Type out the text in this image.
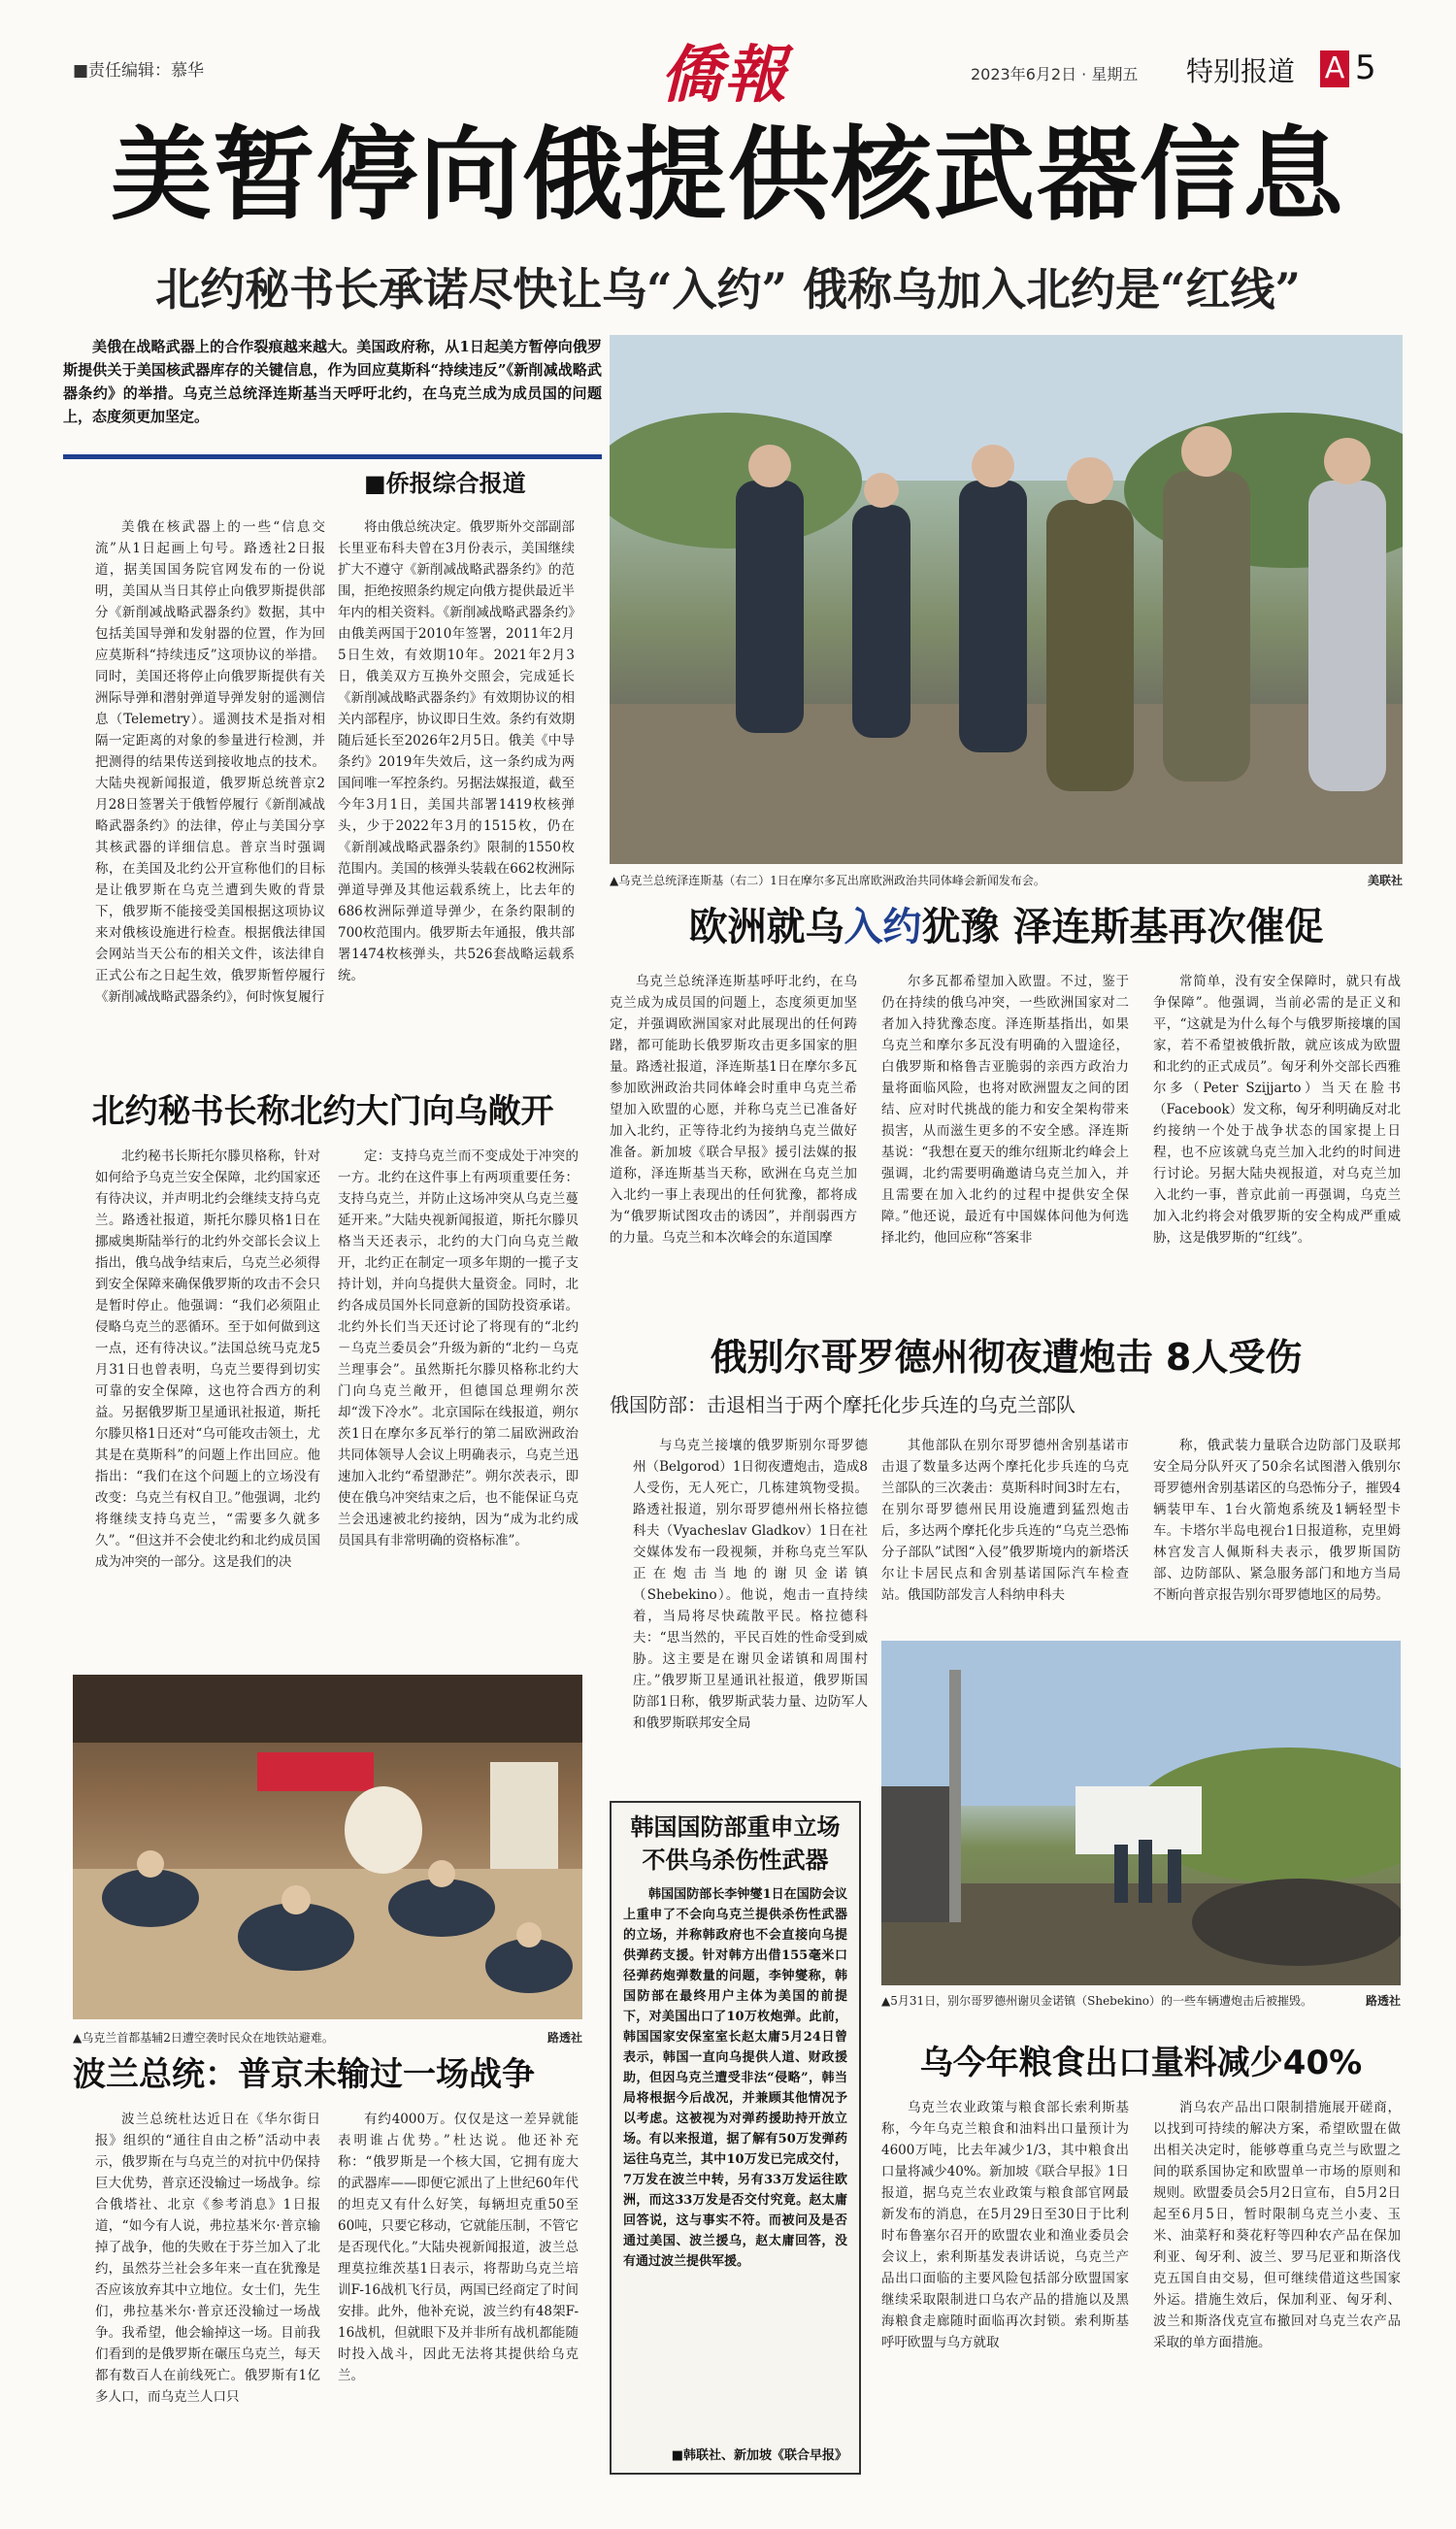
■责任编辑：慕华	僑報	2023年6月2日 · 星期五 特别报道 A 5
美暂停向俄提供核武器信息
北约秘书长承诺尽快让乌“入约” 俄称乌加入北约是“红线”
美俄在战略武器上的合作裂痕越来越大。美国政府称，从1日起美方暂停向俄罗斯提供关于美国核武器库存的关键信息，作为回应莫斯科“持续违反”《新削减战略武器条约》的举措。乌克兰总统泽连斯基当天呼吁北约，在乌克兰成为成员国的问题上，态度须更加坚定。
■侨报综合报道

美俄在核武器上的一些“信息交流”从1日起画上句号。路透社2日报道，据美国国务院官网发布的一份说明，美国从当日其停止向俄罗斯提供部分《新削减战略武器条约》数据，其中包括美国导弹和发射器的位置，作为回应莫斯科“持续违反”这项协议的举措。同时，美国还将停止向俄罗斯提供有关洲际导弹和潜射弹道导弹发射的遥测信息（Telemetry）。遥测技术是指对相隔一定距离的对象的参量进行检测，并把测得的结果传送到接收地点的技术。大陆央视新闻报道，俄罗斯总统普京2月28日签署关于俄暂停履行《新削减战略武器条约》的法律，停止与美国分享其核武器的详细信息。普京当时强调称，在美国及北约公开宣称他们的目标是让俄罗斯在乌克兰遭到失败的背景下，俄罗斯不能接受美国根据这项协议来对俄核设施进行检查。根据俄法律国会网站当天公布的相关文件，该法律自正式公布之日起生效，俄罗斯暂停履行《新削减战略武器条约》，何时恢复履行

将由俄总统决定。俄罗斯外交部副部长里亚布科夫曾在3月份表示，美国继续扩大不遵守《新削减战略武器条约》的范围，拒绝按照条约规定向俄方提供最近半年内的相关资料。《新削减战略武器条约》由俄美两国于2010年签署，2011年2月5日生效，有效期10年。2021年2月3日，俄美双方互换外交照会，完成延长《新削减战略武器条约》有效期协议的相关内部程序，协议即日生效。条约有效期随后延长至2026年2月5日。俄美《中导条约》2019年失效后，这一条约成为两国间唯一军控条约。另据法媒报道，截至今年3月1日，美国共部署1419枚核弹头，少于2022年3月的1515枚，仍在《新削减战略武器条约》限制的1550枚范围内。美国的核弹头装载在662枚洲际弹道导弹及其他运载系统上，比去年的686枚洲际弹道导弹少，在条约限制的700枚范围内。俄罗斯去年通报，俄共部署1474枚核弹头，共526套战略运载系统。

▲乌克兰总统泽连斯基（右二）1日在摩尔多瓦出席欧洲政治共同体峰会新闻发布会。	美联社
欧洲就乌入约犹豫 泽连斯基再次催促

乌克兰总统泽连斯基呼吁北约，在乌克兰成为成员国的问题上，态度须更加坚定，并强调欧洲国家对此展现出的任何踌躇，都可能助长俄罗斯攻击更多国家的胆量。路透社报道，泽连斯基1日在摩尔多瓦参加欧洲政治共同体峰会时重申乌克兰希望加入欧盟的心愿，并称乌克兰已准备好加入北约，正等待北约为接纳乌克兰做好准备。新加坡《联合早报》援引法媒的报道称，泽连斯基当天称，欧洲在乌克兰加入北约一事上表现出的任何犹豫，都将成为“俄罗斯试图攻击的诱因”，并削弱西方的力量。乌克兰和本次峰会的东道国摩

尔多瓦都希望加入欧盟。不过，鉴于仍在持续的俄乌冲突，一些欧洲国家对二者加入持犹豫态度。泽连斯基指出，如果乌克兰和摩尔多瓦没有明确的入盟途径，白俄罗斯和格鲁吉亚脆弱的亲西方政治力量将面临风险，也将对欧洲盟友之间的团结、应对时代挑战的能力和安全架构带来损害，从而滋生更多的不安全感。泽连斯基说：“我想在夏天的维尔纽斯北约峰会上强调，北约需要明确邀请乌克兰加入，并且需要在加入北约的过程中提供安全保障。”他还说，最近有中国媒体问他为何选择北约，他回应称“答案非

常简单，没有安全保障时，就只有战争保障”。他强调，当前必需的是正义和平，“这就是为什么每个与俄罗斯接壤的国家，若不希望被俄折散，就应该成为欧盟和北约的正式成员”。匈牙利外交部长西雅尔多（Peter Szijjarto）当天在脸书（Facebook）发文称，匈牙利明确反对北约接纳一个处于战争状态的国家提上日程，也不应该就乌克兰加入北约的时间进行讨论。另据大陆央视报道，对乌克兰加入北约一事，普京此前一再强调，乌克兰加入北约将会对俄罗斯的安全构成严重威胁，这是俄罗斯的“红线”。

北约秘书长称北约大门向乌敞开

北约秘书长斯托尔滕贝格称，针对如何给予乌克兰安全保障，北约国家还有待决议，并声明北约会继续支持乌克兰。路透社报道，斯托尔滕贝格1日在挪威奥斯陆举行的北约外交部长会议上指出，俄乌战争结束后，乌克兰必须得到安全保障来确保俄罗斯的攻击不会只是暂时停止。他强调：“我们必须阻止侵略乌克兰的恶循环。至于如何做到这一点，还有待决议。”法国总统马克龙5月31日也曾表明，乌克兰要得到切实可靠的安全保障，这也符合西方的利益。另据俄罗斯卫星通讯社报道，斯托尔滕贝格1日还对“乌可能攻击领土，尤其是在莫斯科”的问题上作出回应。他指出：“我们在这个问题上的立场没有改变：乌克兰有权自卫。”他强调，北约将继续支持乌克兰，“需要多久就多久”。“但这并不会使北约和北约成员国成为冲突的一部分。这是我们的决

定：支持乌克兰而不变成处于冲突的一方。北约在这件事上有两项重要任务：支持乌克兰，并防止这场冲突从乌克兰蔓延开来。”大陆央视新闻报道，斯托尔滕贝格当天还表示，北约的大门向乌克兰敞开，北约正在制定一项多年期的一揽子支持计划，并向乌提供大量资金。同时，北约各成员国外长同意新的国防投资承诺。北约外长们当天还讨论了将现有的“北约－乌克兰委员会”升级为新的“北约－乌克兰理事会”。虽然斯托尔滕贝格称北约大门向乌克兰敞开，但德国总理朔尔茨却“泼下冷水”。北京国际在线报道，朔尔茨1日在摩尔多瓦举行的第二届欧洲政治共同体领导人会议上明确表示，乌克兰迅速加入北约“希望渺茫”。朔尔茨表示，即使在俄乌冲突结束之后，也不能保证乌克兰会迅速被北约接纳，因为“成为北约成员国具有非常明确的资格标准”。

▲乌克兰首都基辅2日遭空袭时民众在地铁站避难。	路透社
波兰总统：普京未输过一场战争

波兰总统杜达近日在《华尔街日报》组织的“通往自由之桥”活动中表示，俄罗斯在与乌克兰的对抗中仍保持巨大优势，普京还没输过一场战争。综合俄塔社、北京《参考消息》1日报道，“如今有人说，弗拉基米尔·普京输掉了战争，他的失败在于芬兰加入了北约，虽然芬兰社会多年来一直在犹豫是否应该放弃其中立地位。女士们，先生们，弗拉基米尔·普京还没输过一场战争。我希望，他会输掉这一场。目前我们看到的是俄罗斯在碾压乌克兰，每天都有数百人在前线死亡。俄罗斯有1亿多人口，而乌克兰人口只

有约4000万。仅仅是这一差异就能表明谁占优势。”杜达说。他还补充称：“俄罗斯是一个核大国，它拥有庞大的武器库——即便它派出了上世纪60年代的坦克又有什么好笑，每辆坦克重50至60吨，只要它移动，它就能压制，不管它是否现代化。”大陆央视新闻报道，波兰总理莫拉维茨基1日表示，将帮助乌克兰培训F-16战机飞行员，两国已经商定了时间安排。此外，他补充说，波兰约有48架F-16战机，但就眼下及并非所有战机都能随时投入战斗，因此无法将其提供给乌克兰。

俄别尔哥罗德州彻夜遭炮击 8人受伤
俄国防部：击退相当于两个摩托化步兵连的乌克兰部队

与乌克兰接壤的俄罗斯别尔哥罗德州（Belgorod）1日彻夜遭炮击，造成8人受伤，无人死亡，几栋建筑物受损。路透社报道，别尔哥罗德州州长格拉德科夫（Vyacheslav Gladkov）1日在社交媒体发布一段视频，并称乌克兰军队正在炮击当地的谢贝金诺镇（Shebekino）。他说，炮击一直持续着，当局将尽快疏散平民。格拉德科夫：“思当然的，平民百姓的性命受到威胁。这主要是在谢贝金诺镇和周围村庄。”俄罗斯卫星通讯社报道，俄罗斯国防部1日称，俄罗斯武装力量、边防军人和俄罗斯联邦安全局

其他部队在别尔哥罗德州舍别基诺市击退了数量多达两个摩托化步兵连的乌克兰部队的三次袭击：莫斯科时间3时左右，在别尔哥罗德州民用设施遭到猛烈炮击后，多达两个摩托化步兵连的“乌克兰恐怖分子部队”试图“入侵”俄罗斯境内的新塔沃尔让卡居民点和舍别基诺国际汽车检查站。俄国防部发言人科纳申科夫

称，俄武装力量联合边防部门及联邦安全局分队歼灭了50余名试图潜入俄别尔哥罗德州舍别基诺区的乌恐怖分子，摧毁4辆装甲车、1台火箭炮系统及1辆轻型卡车。卡塔尔半岛电视台1日报道称，克里姆林宫发言人佩斯科夫表示，俄罗斯国防部、边防部队、紧急服务部门和地方当局不断向普京报告别尔哥罗德地区的局势。

韩国国防部重申立场
不供乌杀伤性武器
韩国国防部长李钟燮1日在国防会议上重申了不会向乌克兰提供杀伤性武器的立场，并称韩政府也不会直接向乌提供弹药支援。针对韩方出借155毫米口径弹药炮弹数量的问题，李钟燮称，韩国防部在最终用户主体为美国的前提下，对美国出口了10万枚炮弹。此前，韩国国家安保室室长赵太庸5月24日曾表示，韩国一直向乌提供人道、财政援助，但因乌克兰遭受非法“侵略”，韩当局将根据今后战况，并兼顾其他情况予以考虑。这被视为对弹药援助持开放立场。有以来报道，据了解有50万发弹药运往乌克兰，其中10万发已完成交付，7万发在波兰中转，另有33万发运往欧洲，而这33万发是否交付究竟。赵太庸回答说，这与事实不符。而被问及是否通过美国、波兰援乌，赵太庸回答，没有通过波兰提供军援。
■韩联社、新加坡《联合早报》
▲5月31日，别尔哥罗德州谢贝金诺镇（Shebekino）的一些车辆遭炮击后被摧毁。	路透社
乌今年粮食出口量料减少40%

乌克兰农业政策与粮食部长索利斯基称，今年乌克兰粮食和油料出口量预计为4600万吨，比去年减少1/3，其中粮食出口量将减少40%。新加坡《联合早报》1日报道，据乌克兰农业政策与粮食部官网最新发布的消息，在5月29日至30日于比利时布鲁塞尔召开的欧盟农业和渔业委员会会议上，索利斯基发表讲话说，乌克兰产品出口面临的主要风险包括部分欧盟国家继续采取限制进口乌农产品的措施以及黑海粮食走廊随时面临再次封锁。索利斯基呼吁欧盟与乌方就取

消乌农产品出口限制措施展开磋商，以找到可持续的解决方案，希望欧盟在做出相关决定时，能够尊重乌克兰与欧盟之间的联系国协定和欧盟单一市场的原则和规则。欧盟委员会5月2日宣布，自5月2日起至6月5日，暂时限制乌克兰小麦、玉米、油菜籽和葵花籽等四种农产品在保加利亚、匈牙利、波兰、罗马尼亚和斯洛伐克五国自由交易，但可继续借道这些国家外运。措施生效后，保加利亚、匈牙利、波兰和斯洛伐克宣布撤回对乌克兰农产品采取的单方面措施。
